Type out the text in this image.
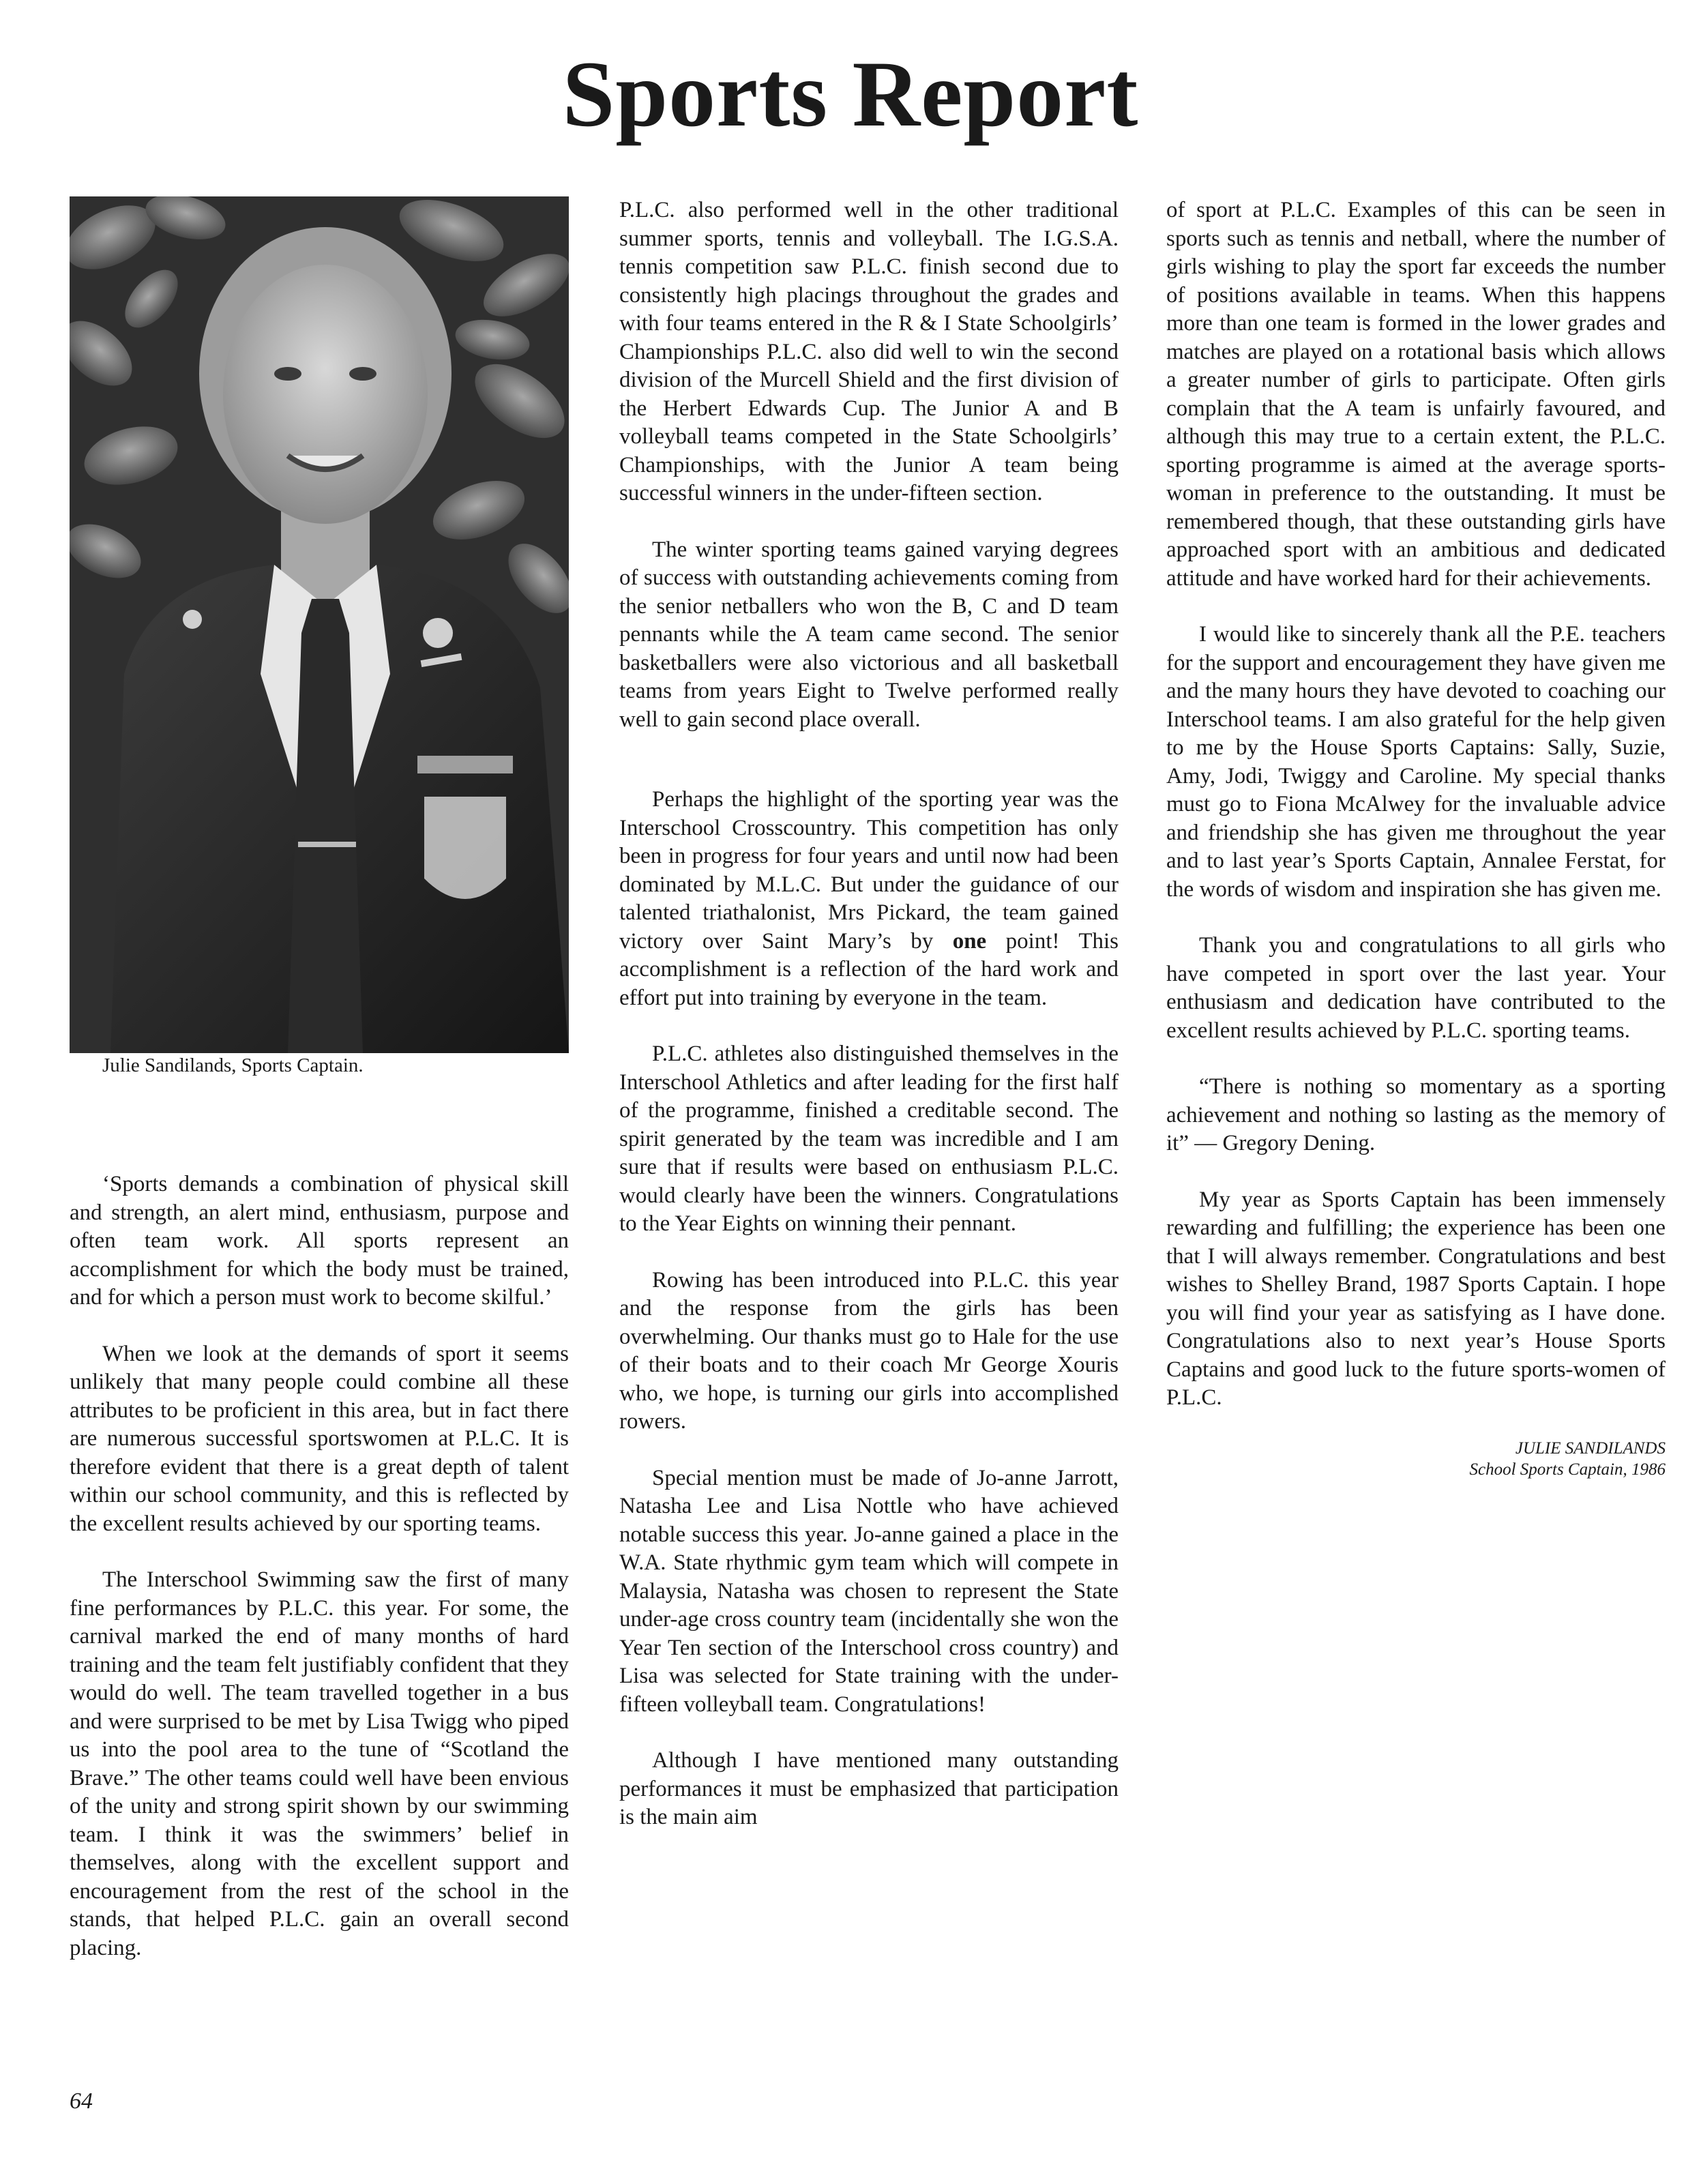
Sports Report

Julie Sandilands, Sports Captain.

‘Sports demands a combination of physical skill and strength, an alert mind, enthusiasm, purpose and often team work. All sports represent an accomplishment for which the body must be trained, and for which a person must work to become skilful.’

When we look at the demands of sport it seems unlikely that many people could combine all these attributes to be proficient in this area, but in fact there are numerous successful sportswomen at P.L.C. It is therefore evident that there is a great depth of talent within our school community, and this is reflected by the excellent results achieved by our sporting teams.

The Interschool Swimming saw the first of many fine performances by P.L.C. this year. For some, the carnival marked the end of many months of hard training and the team felt justifiably confident that they would do well. The team travelled together in a bus and were surprised to be met by Lisa Twigg who piped us into the pool area to the tune of “Scotland the Brave.” The other teams could well have been envious of the unity and strong spirit shown by our swimming team. I think it was the swimmers’ belief in themselves, along with the excellent support and encouragement from the rest of the school in the stands, that helped P.L.C. gain an overall second placing.

P.L.C. also performed well in the other traditional summer sports, tennis and volleyball. The I.G.S.A. tennis competition saw P.L.C. finish second due to consistently high placings throughout the grades and with four teams entered in the R & I State Schoolgirls’ Championships P.L.C. also did well to win the second division of the Murcell Shield and the first division of the Herbert Edwards Cup. The Junior A and B volleyball teams competed in the State Schoolgirls’ Championships, with the Junior A team being successful winners in the under-fifteen section.

The winter sporting teams gained varying degrees of success with outstanding achievements coming from the senior netballers who won the B, C and D team pennants while the A team came second. The senior basketballers were also victorious and all basketball teams from years Eight to Twelve performed really well to gain second place overall.

Perhaps the highlight of the sporting year was the Interschool Crosscountry. This competition has only been in progress for four years and until now had been dominated by M.L.C. But under the guidance of our talented triathalonist, Mrs Pickard, the team gained victory over Saint Mary’s by one point! This accomplishment is a reflection of the hard work and effort put into training by everyone in the team.

P.L.C. athletes also distinguished themselves in the Interschool Athletics and after leading for the first half of the programme, finished a creditable second. The spirit generated by the team was incredible and I am sure that if results were based on enthusiasm P.L.C. would clearly have been the winners. Congratulations to the Year Eights on winning their pennant.

Rowing has been introduced into P.L.C. this year and the response from the girls has been overwhelming. Our thanks must go to Hale for the use of their boats and to their coach Mr George Xouris who, we hope, is turning our girls into accomplished rowers.

Special mention must be made of Jo-anne Jarrott, Natasha Lee and Lisa Nottle who have achieved notable success this year. Jo-anne gained a place in the W.A. State rhythmic gym team which will compete in Malaysia, Natasha was chosen to represent the State under-age cross country team (incidentally she won the Year Ten section of the Interschool cross country) and Lisa was selected for State training with the under-fifteen volleyball team. Congratulations!

Although I have mentioned many outstanding performances it must be emphasized that participation is the main aim

of sport at P.L.C. Examples of this can be seen in sports such as tennis and netball, where the number of girls wishing to play the sport far exceeds the number of positions available in teams. When this happens more than one team is formed in the lower grades and matches are played on a rotational basis which allows a greater number of girls to participate. Often girls complain that the A team is unfairly favoured, and although this may true to a certain extent, the P.L.C. sporting programme is aimed at the average sports-woman in preference to the outstanding. It must be remembered though, that these outstanding girls have approached sport with an ambitious and dedicated attitude and have worked hard for their achievements.

I would like to sincerely thank all the P.E. teachers for the support and encouragement they have given me and the many hours they have devoted to coaching our Interschool teams. I am also grateful for the help given to me by the House Sports Captains: Sally, Suzie, Amy, Jodi, Twiggy and Caroline. My special thanks must go to Fiona McAlwey for the invaluable advice and friendship she has given me throughout the year and to last year’s Sports Captain, Annalee Ferstat, for the words of wisdom and inspiration she has given me.

Thank you and congratulations to all girls who have competed in sport over the last year. Your enthusiasm and dedication have contributed to the excellent results achieved by P.L.C. sporting teams.

“There is nothing so momentary as a sporting achievement and nothing so lasting as the memory of it” — Gregory Dening.

My year as Sports Captain has been immensely rewarding and fulfilling; the experience has been one that I will always remember. Congratulations and best wishes to Shelley Brand, 1987 Sports Captain. I hope you will find your year as satisfying as I have done. Congratulations also to next year’s House Sports Captains and good luck to the future sports-women of P.L.C.

JULIE SANDILANDS
School Sports Captain, 1986
64
